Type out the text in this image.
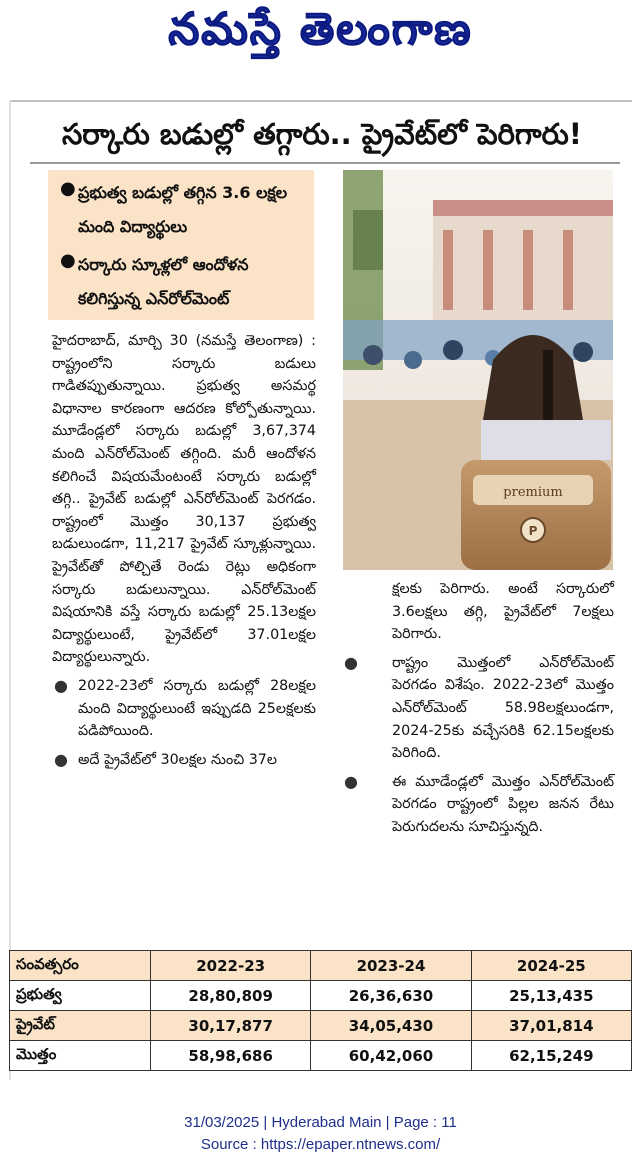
నమస్తే తెలంగాణ
సర్కారు బడుల్లో తగ్గారు.. ప్రైవేట్‌లో పెరిగారు!
● ప్రభుత్వ బడుల్లో తగ్గిన 3.6 లక్షల మంది విద్యార్థులు
● సర్కారు స్కూళ్లలో ఆందోళన కలిగిస్తున్న ఎన్‌రోల్‌మెంట్
premium
P

హైదరాబాద్, మార్చి 30 (నమస్తే తెలంగాణ) : రాష్ట్రంలోని సర్కారు బడులు గాడితప్పుతున్నాయి. ప్రభుత్వ అసమర్థ విధానాల కారణంగా ఆదరణ కోల్పోతున్నాయి. మూడేండ్లలో సర్కారు బడుల్లో 3,67,374 మంది ఎన్‌రోల్‌మెంట్ తగ్గింది. మరీ ఆందోళన కలిగించే విషయమేంటంటే సర్కారు బడుల్లో తగ్గి.. ప్రైవేట్ బడుల్లో ఎన్‌రోల్‌మెంట్ పెరగడం. రాష్ట్రంలో మొత్తం 30,137 ప్రభుత్వ బడులుండగా, 11,217 ప్రైవేట్ స్కూళ్లున్నాయి. ప్రైవేట్‌తో పోల్చితే రెండు రెట్లు అధికంగా సర్కారు బడులున్నాయి. ఎన్‌రోల్‌మెంట్ విషయానికి వస్తే సర్కారు బడుల్లో 25.13లక్షల విద్యార్థులుంటే, ప్రైవేట్‌లో 37.01లక్షల విద్యార్థులున్నారు.

● 2022-23లో సర్కారు బడుల్లో 28లక్షల మంది విద్యార్థులుంటే ఇప్పుడది 25లక్షలకు పడిపోయింది.
● అదే ప్రైవేట్‌లో 30లక్షల నుంచి 37ల

క్షలకు పెరిగారు. అంటే సర్కారులో 3.6లక్షలు తగ్గి, ప్రైవేట్‌లో 7లక్షలు పెరిగారు.

● రాష్ట్రం మొత్తంలో ఎన్‌రోల్‌మెంట్ పెరగడం విశేషం. 2022-23లో మొత్తం ఎన్‌రోల్‌మెంట్ 58.98లక్షలుండగా, 2024-25కు వచ్చేసరికి 62.15లక్షలకు పెరిగింది.
● ఈ మూడేండ్లలో మొత్తం ఎన్‌రోల్‌మెంట్ పెరగడం రాష్ట్రంలో పిల్లల జనన రేటు పెరుగుదలను సూచిస్తున్నది.
సంవత్సరం	2022-23	2023-24	2024-25
ప్రభుత్వ	28,80,809	26,36,630	25,13,435
ప్రైవేట్	30,17,877	34,05,430	37,01,814
మొత్తం	58,98,686	60,42,060	62,15,249
31/03/2025 | Hyderabad Main | Page : 11
Source : https://epaper.ntnews.com/
